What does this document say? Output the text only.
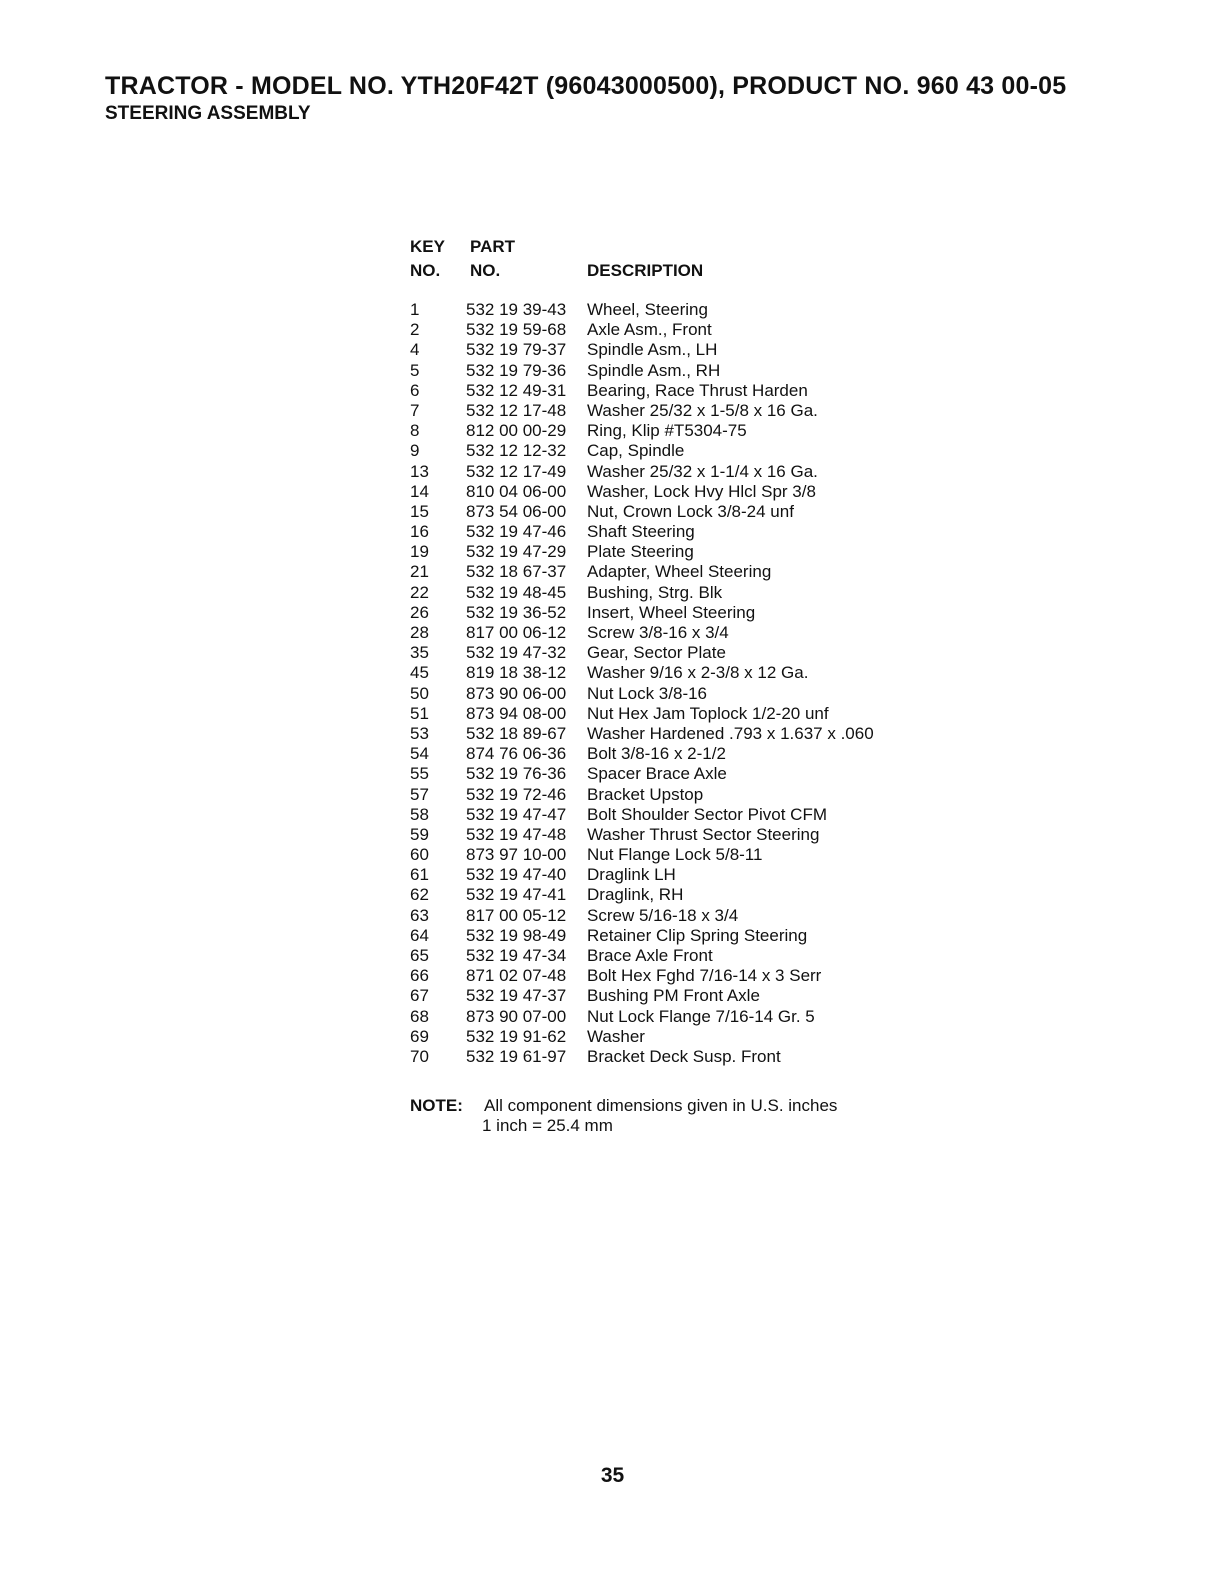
TRACTOR - MODEL NO. YTH20F42T (96043000500), PRODUCT NO. 960 43 00-05
STEERING ASSEMBLY
KEY PART
NO. NO.	DESCRIPTION
1	532 19 39-43 Wheel, Steering
2	532 19 59-68 Axle Asm., Front
4	532 19 79-37 Spindle Asm., LH
5	532 19 79-36 Spindle Asm., RH
6	532 12 49-31 Bearing, Race Thrust Harden
7	532 12 17-48 Washer 25/32 x 1-5/8 x 16 Ga.
8	812 00 00-29 Ring, Klip #T5304-75
9	532 12 12-32 Cap, Spindle
13 532 12 17-49 Washer 25/32 x 1-1/4 x 16 Ga.
14 810 04 06-00 Washer, Lock Hvy Hlcl Spr 3/8
15 873 54 06-00 Nut, Crown Lock 3/8-24 unf
16 532 19 47-46 Shaft Steering
19 532 19 47-29 Plate Steering
21 532 18 67-37 Adapter, Wheel Steering
22 532 19 48-45 Bushing, Strg. Blk
26 532 19 36-52 Insert, Wheel Steering
28 817 00 06-12 Screw 3/8-16 x 3/4
35 532 19 47-32 Gear, Sector Plate
45 819 18 38-12 Washer 9/16 x 2-3/8 x 12 Ga.
50 873 90 06-00 Nut Lock 3/8-16
51 873 94 08-00 Nut Hex Jam Toplock 1/2-20 unf
53 532 18 89-67 Washer Hardened .793 x 1.637 x .060
54 874 76 06-36 Bolt 3/8-16 x 2-1/2
55 532 19 76-36 Spacer Brace Axle
57 532 19 72-46 Bracket Upstop
58 532 19 47-47 Bolt Shoulder Sector Pivot CFM
59 532 19 47-48 Washer Thrust Sector Steering
60 873 97 10-00 Nut Flange Lock 5/8-11
61 532 19 47-40 Draglink LH
62 532 19 47-41 Draglink, RH
63 817 00 05-12 Screw 5/16-18 x 3/4
64 532 19 98-49 Retainer Clip Spring Steering
65 532 19 47-34 Brace Axle Front
66 871 02 07-48 Bolt Hex Fghd 7/16-14 x 3 Serr
67 532 19 47-37 Bushing PM Front Axle
68 873 90 07-00 Nut Lock Flange 7/16-14 Gr. 5
69 532 19 91-62 Washer
70 532 19 61-97 Bracket Deck Susp. Front
NOTE: All component dimensions given in U.S. inches
1 inch = 25.4 mm
35
